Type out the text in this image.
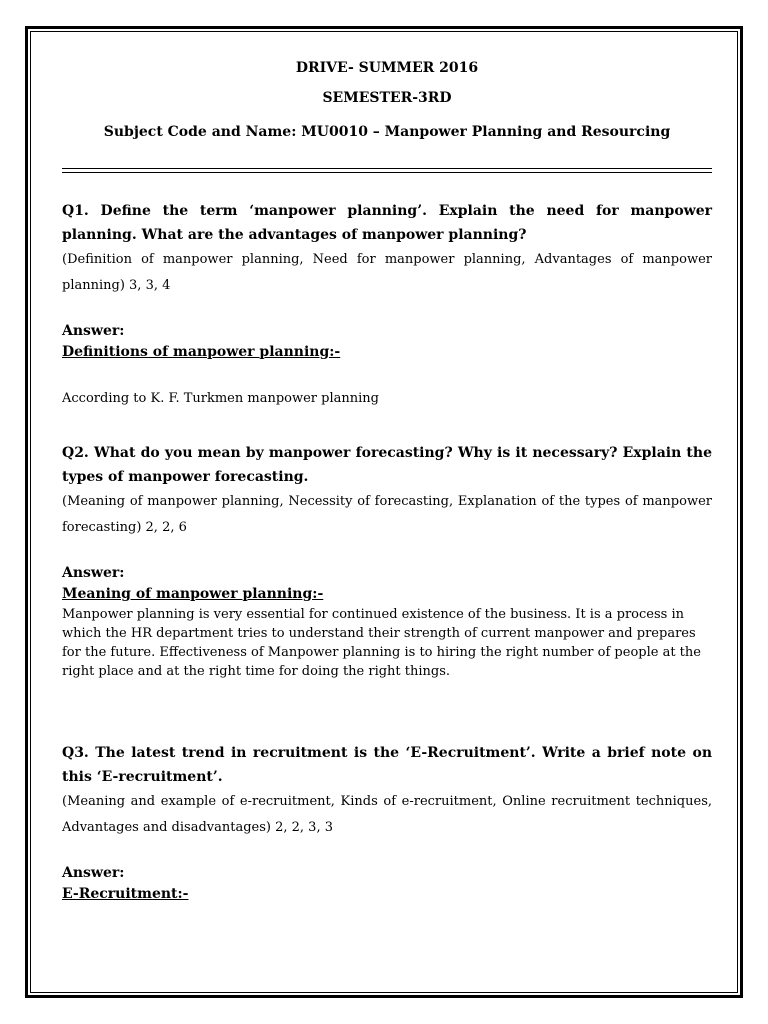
DRIVE- SUMMER 2016

SEMESTER-3RD

Subject Code and Name: MU0010 – Manpower Planning and Resourcing

Q1. Define the term ‘manpower planning’. Explain the need for manpower planning. What are the advantages of manpower planning?

(Definition of manpower planning, Need for manpower planning, Advantages of manpower planning) 3, 3, 4

Answer:

Definitions of manpower planning:-

According to K. F. Turkmen manpower planning

Q2. What do you mean by manpower forecasting? Why is it necessary? Explain the types of manpower forecasting.

(Meaning of manpower planning, Necessity of forecasting, Explanation of the types of manpower forecasting) 2, 2, 6

Answer:

Meaning of manpower planning:-

Manpower planning is very essential for continued existence of the business. It is a process in which the HR department tries to understand their strength of current manpower and prepares for the future. Effectiveness of Manpower planning is to hiring the right number of people at the right place and at the right time for doing the right things.

Q3. The latest trend in recruitment is the ‘E-Recruitment’. Write a brief note on this ‘E-recruitment’.

(Meaning and example of e-recruitment, Kinds of e-recruitment, Online recruitment techniques, Advantages and disadvantages) 2, 2, 3, 3

Answer:

E-Recruitment:-
